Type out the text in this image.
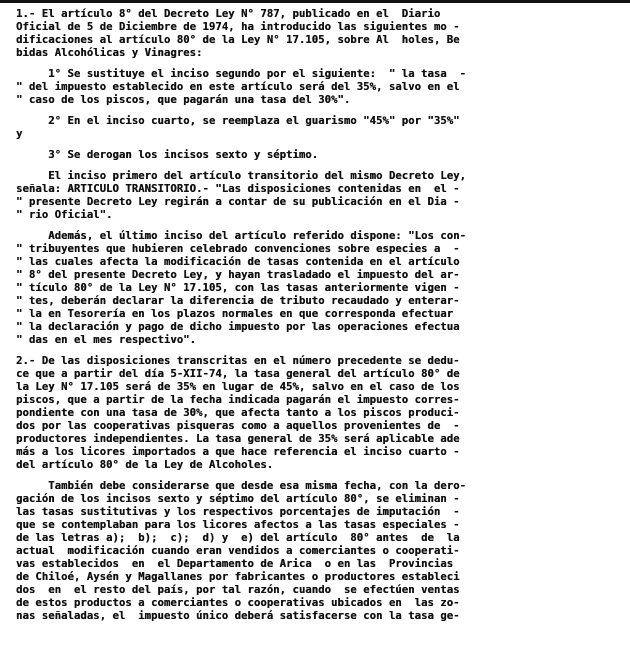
1.- El artículo 8° del Decreto Ley N° 787, publicado en el  Diario
Oficial de 5 de Diciembre de 1974, ha introducido las siguientes mo -
dificaciones al artículo 80° de la Ley N° 17.105, sobre Al  holes, Be
bidas Alcohólicas y Vinagres:
1° Se sustituye el inciso segundo por el siguiente:  " la tasa  -
" del impuesto establecido en este artículo será del 35%, salvo en el
" caso de los piscos, que pagarán una tasa del 30%".
2° En el inciso cuarto, se reemplaza el guarismo "45%" por "35%"
y
3° Se derogan los incisos sexto y séptimo.
El inciso primero del artículo transitorio del mismo Decreto Ley,
señala: ARTICULO TRANSITORIO.- "Las disposiciones contenidas en  el -
" presente Decreto Ley regirán a contar de su publicación en el Dia -
" rio Oficial".
Además, el último inciso del artículo referido dispone: "Los con-
" tribuyentes que hubieren celebrado convenciones sobre especies a  -
" las cuales afecta la modificación de tasas contenida en el artículo
" 8° del presente Decreto Ley, y hayan trasladado el impuesto del ar-
" tículo 80° de la Ley N° 17.105, con las tasas anteriormente vigen -
" tes, deberán declarar la diferencia de tributo recaudado y enterar-
" la en Tesorería en los plazos normales en que corresponda efectuar
" la declaración y pago de dicho impuesto por las operaciones efectua
" das en el mes respectivo".
2.- De las disposiciones transcritas en el número precedente se dedu-
ce que a partir del día 5-XII-74, la tasa general del artículo 80° de
la Ley N° 17.105 será de 35% en lugar de 45%, salvo en el caso de los
piscos, que a partir de la fecha indicada pagarán el impuesto corres-
pondiente con una tasa de 30%, que afecta tanto a los piscos produci-
dos por las cooperativas pisqueras como a aquellos provenientes de  -
productores independientes. La tasa general de 35% será aplicable ade
más a los licores importados a que hace referencia el inciso cuarto -
del artículo 80° de la Ley de Alcoholes.
También debe considerarse que desde esa misma fecha, con la dero-
gación de los incisos sexto y séptimo del artículo 80°, se eliminan -
las tasas sustitutivas y los respectivos porcentajes de imputación  -
que se contemplaban para los licores afectos a las tasas especiales -
de las letras a);  b);  c);  d) y  e) del artículo  80° antes  de  la
actual  modificación cuando eran vendidos a comerciantes o cooperati-
vas establecidos  en  el Departamento de Arica  o en las  Provincias
de Chiloé, Aysén y Magallanes por fabricantes o productores estableci
dos  en  el resto del país, por tal razón, cuando  se efectúen ventas
de estos productos a comerciantes o cooperativas ubicados en  las zo-
nas señaladas, el  impuesto único deberá satisfacerse con la tasa ge-
